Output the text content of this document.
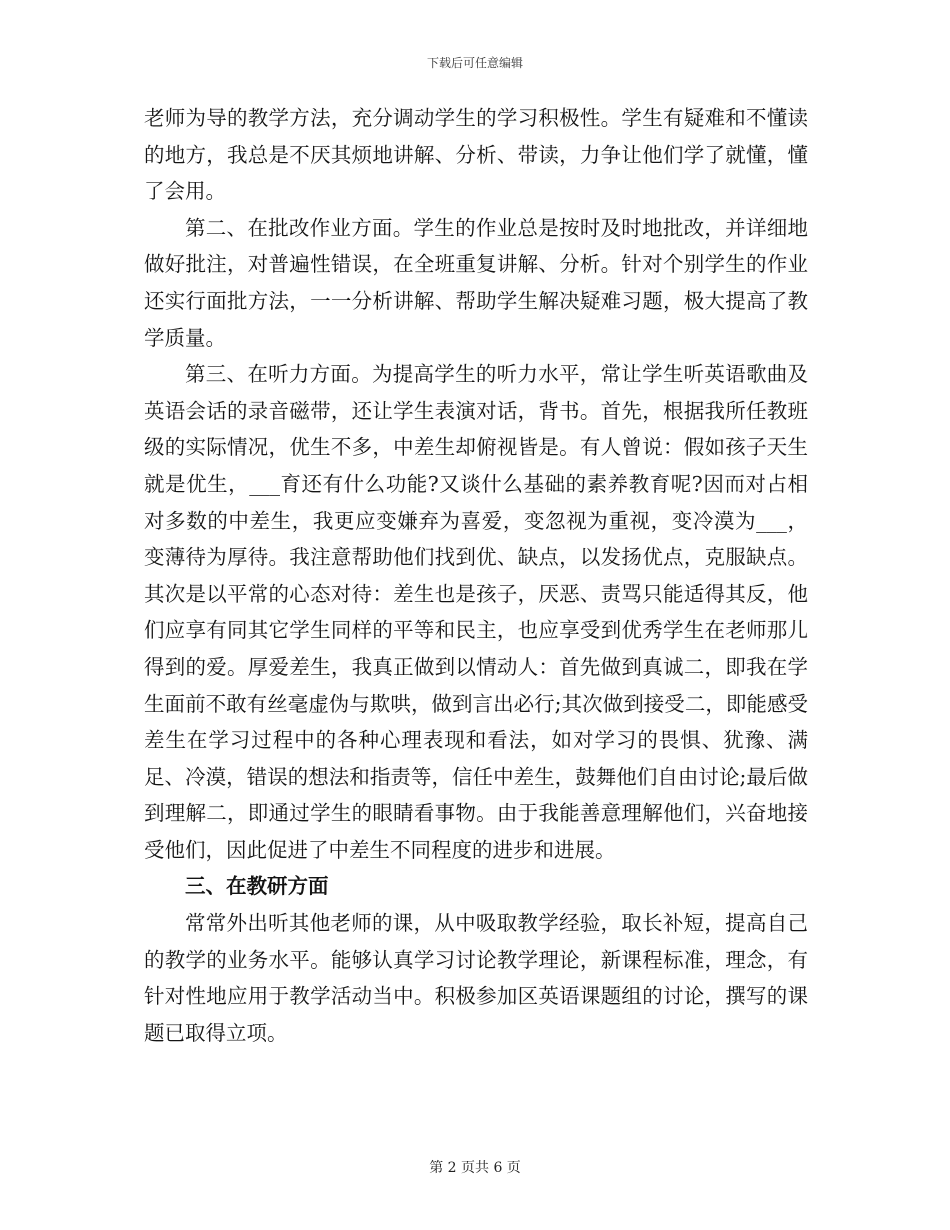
下载后可任意编辑

老师为导的教学方法，充分调动学生的学习积极性。学生有疑难和不懂读的地方，我总是不厌其烦地讲解、分析、带读，力争让他们学了就懂，懂了会用。

第二、在批改作业方面。学生的作业总是按时及时地批改，并详细地做好批注，对普遍性错误，在全班重复讲解、分析。针对个别学生的作业还实行面批方法，一一分析讲解、帮助学生解决疑难习题，极大提高了教学质量。

第三、在听力方面。为提高学生的听力水平，常让学生听英语歌曲及英语会话的录音磁带，还让学生表演对话，背书。首先，根据我所任教班级的实际情况，优生不多，中差生却俯视皆是。有人曾说：假如孩子天生就是优生，___育还有什么功能?又谈什么基础的素养教育呢?因而对占相对多数的中差生，我更应变嫌弃为喜爱，变忽视为重视，变冷漠为___，变薄待为厚待。我注意帮助他们找到优、缺点，以发扬优点，克服缺点。其次是以平常的心态对待：差生也是孩子，厌恶、责骂只能适得其反，他们应享有同其它学生同样的平等和民主，也应享受到优秀学生在老师那儿得到的爱。厚爱差生，我真正做到以情动人：首先做到真诚二，即我在学生面前不敢有丝毫虚伪与欺哄，做到言出必行;其次做到接受二，即能感受差生在学习过程中的各种心理表现和看法，如对学习的畏惧、犹豫、满足、冷漠，错误的想法和指责等，信任中差生，鼓舞他们自由讨论;最后做到理解二，即通过学生的眼睛看事物。由于我能善意理解他们，兴奋地接受他们，因此促进了中差生不同程度的进步和进展。

三、在教研方面

常常外出听其他老师的课，从中吸取教学经验，取长补短，提高自己的教学的业务水平。能够认真学习讨论教学理论，新课程标准，理念，有针对性地应用于教学活动当中。积极参加区英语课题组的讨论，撰写的课题已取得立项。

第 2 页共 6 页
